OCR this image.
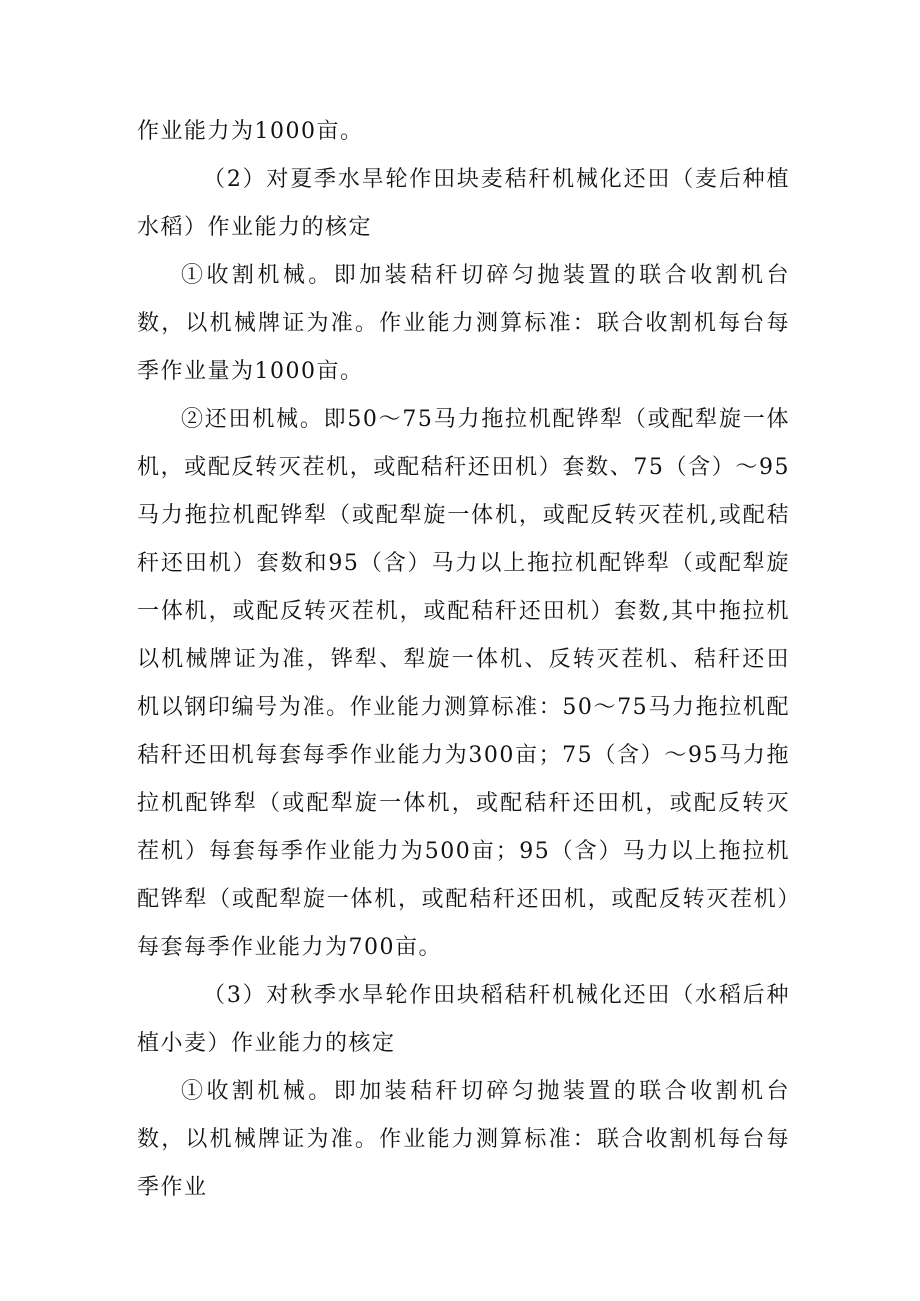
作业能力为1000亩。

（2）对夏季水旱轮作田块麦秸秆机械化还田（麦后种植水稻）作业能力的核定

①收割机械。即加装秸秆切碎匀抛装置的联合收割机台数，以机械牌证为准。作业能力测算标准：联合收割机每台每季作业量为1000亩。

②还田机械。即50～75马力拖拉机配铧犁（或配犁旋一体机，或配反转灭茬机，或配秸秆还田机）套数、75（含）～95马力拖拉机配铧犁（或配犁旋一体机，或配反转灭茬机,或配秸秆还田机）套数和95（含）马力以上拖拉机配铧犁（或配犁旋一体机，或配反转灭茬机，或配秸秆还田机）套数,其中拖拉机以机械牌证为准，铧犁、犁旋一体机、反转灭茬机、秸秆还田机以钢印编号为准。作业能力测算标准：50～75马力拖拉机配秸秆还田机每套每季作业能力为300亩；75（含）～95马力拖拉机配铧犁（或配犁旋一体机，或配秸秆还田机，或配反转灭茬机）每套每季作业能力为500亩；95（含）马力以上拖拉机配铧犁（或配犁旋一体机，或配秸秆还田机，或配反转灭茬机）每套每季作业能力为700亩。

（3）对秋季水旱轮作田块稻秸秆机械化还田（水稻后种植小麦）作业能力的核定

①收割机械。即加装秸秆切碎匀抛装置的联合收割机台数，以机械牌证为准。作业能力测算标准：联合收割机每台每季作业
